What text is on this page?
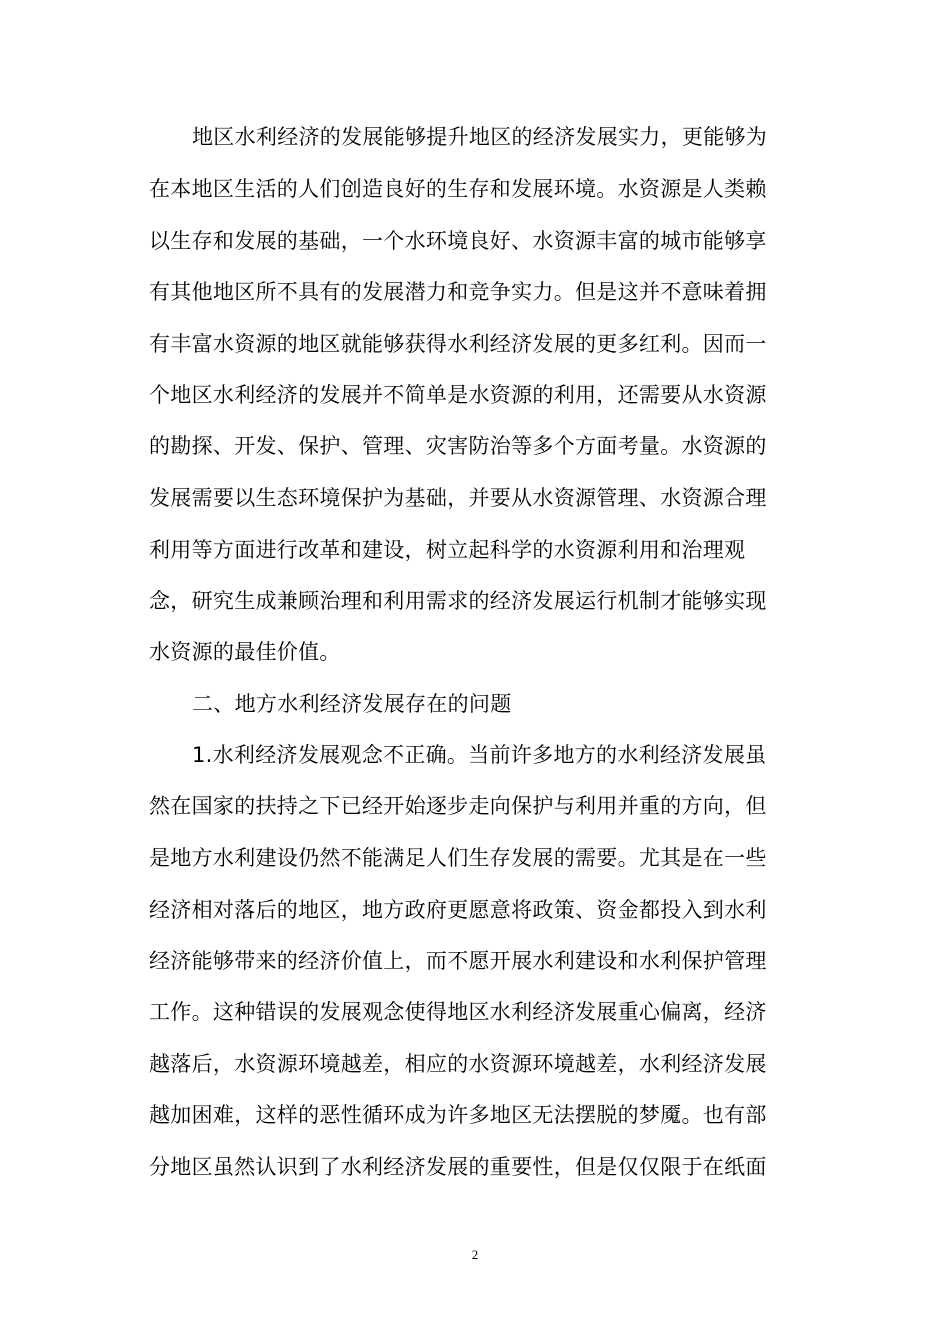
地区水利经济的发展能够提升地区的经济发展实力，更能够为
在本地区生活的人们创造良好的生存和发展环境。水资源是人类赖
以生存和发展的基础，一个水环境良好、水资源丰富的城市能够享
有其他地区所不具有的发展潜力和竞争实力。但是这并不意味着拥
有丰富水资源的地区就能够获得水利经济发展的更多红利。因而一
个地区水利经济的发展并不简单是水资源的利用，还需要从水资源
的勘探、开发、保护、管理、灾害防治等多个方面考量。水资源的
发展需要以生态环境保护为基础，并要从水资源管理、水资源合理
利用等方面进行改革和建设，树立起科学的水资源利用和治理观
念，研究生成兼顾治理和利用需求的经济发展运行机制才能够实现
水资源的最佳价值。
二、地方水利经济发展存在的问题
1.水利经济发展观念不正确。当前许多地方的水利经济发展虽
然在国家的扶持之下已经开始逐步走向保护与利用并重的方向，但
是地方水利建设仍然不能满足人们生存发展的需要。尤其是在一些
经济相对落后的地区，地方政府更愿意将政策、资金都投入到水利
经济能够带来的经济价值上，而不愿开展水利建设和水利保护管理
工作。这种错误的发展观念使得地区水利经济发展重心偏离，经济
越落后，水资源环境越差，相应的水资源环境越差，水利经济发展
越加困难，这样的恶性循环成为许多地区无法摆脱的梦魇。也有部
分地区虽然认识到了水利经济发展的重要性，但是仅仅限于在纸面
2
